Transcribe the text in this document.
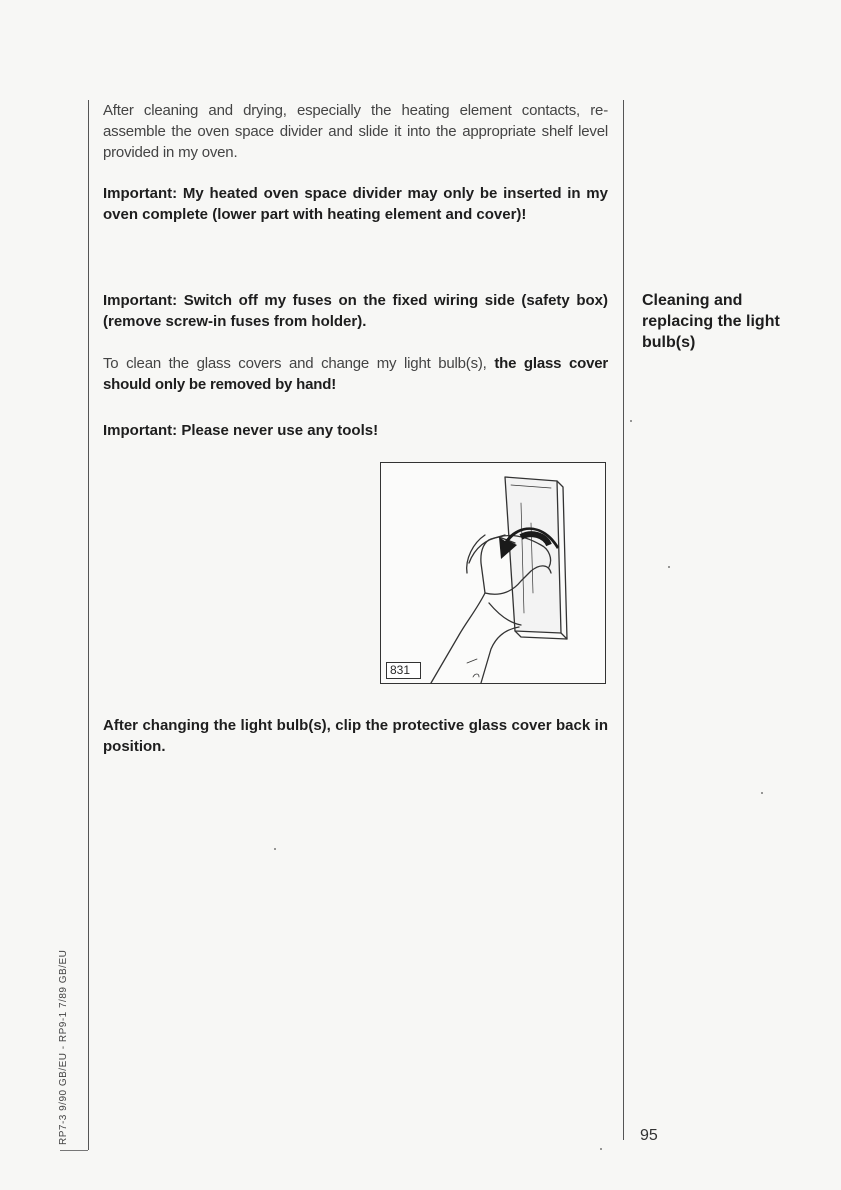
After cleaning and drying, especially the heating element contacts, re-assemble the oven space divider and slide it into the appropriate shelf level provided in my oven.
Important: My heated oven space divider may only be inserted in my oven complete (lower part with heating element and cover)!
Important: Switch off my fuses on the fixed wiring side (safety box) (remove screw-in fuses from holder).
To clean the glass covers and change my light bulb(s), the glass cover should only be removed by hand!
Important: Please never use any tools!
831
After changing the light bulb(s), clip the protective glass cover back in position.
Cleaning and replacing the light bulb(s)
95
RP7-3 9/90 GB/EU - RP9-1 7/89 GB/EU
